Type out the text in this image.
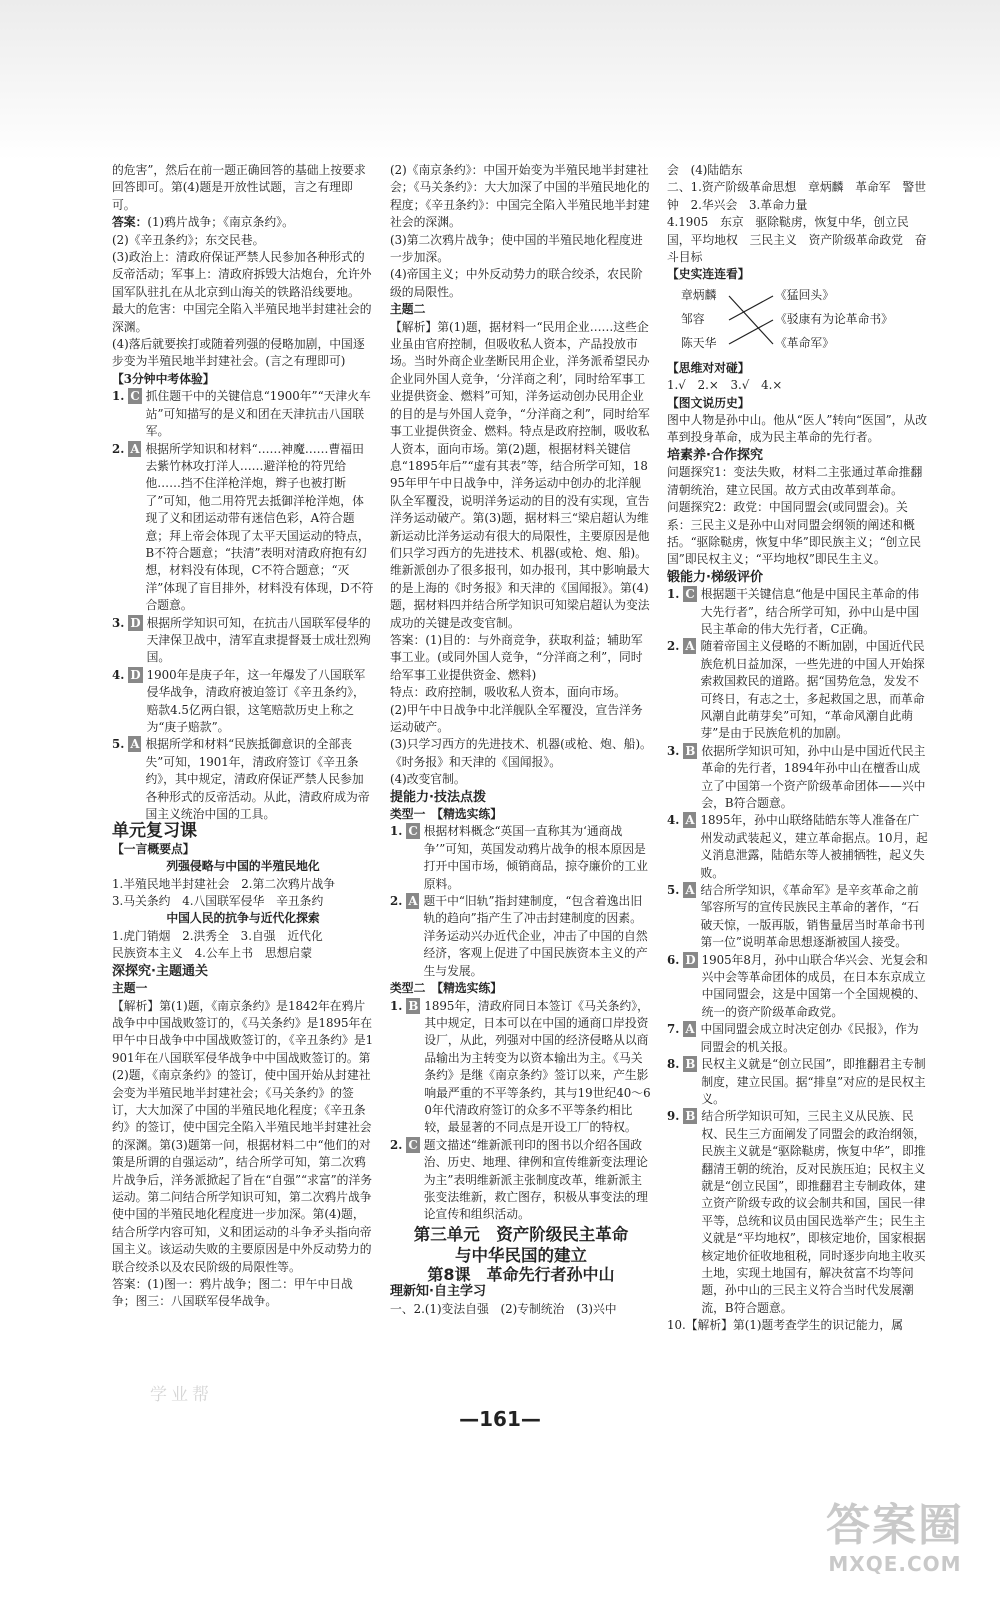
的危害”，然后在前一题正确回答的基础上按要求回答即可。第(4)题是开放性试题，言之有理即可。

答案：(1)鸦片战争；《南京条约》。

(2)《辛丑条约》；东交民巷。

(3)政治上：清政府保证严禁人民参加各种形式的反帝活动；军事上：清政府拆毁大沽炮台，允许外国军队驻扎在从北京到山海关的铁路沿线要地。

最大的危害：中国完全陷入半殖民地半封建社会的深渊。

(4)落后就要挨打或随着列强的侵略加剧，中国逐步变为半殖民地半封建社会。(言之有理即可)

【3分钟中考体验】

1. C 抓住题干中的关键信息“1900年”“天津火车站”可知描写的是义和团在天津抗击八国联军。
2. A 根据所学知识和材料“……神魔……曹福田去紫竹林攻打洋人……避洋枪的符咒给他……挡不住洋枪洋炮，辫子也被打断了”可知，他二用符咒去抵御洋枪洋炮，体现了义和团运动带有迷信色彩，A符合题意；拜上帝会体现了太平天国运动的特点，B不符合题意；“扶清”表明对清政府抱有幻想，材料没有体现，C不符合题意；“灭洋”体现了盲目排外，材料没有体现，D不符合题意。
3. D 根据所学知识可知，在抗击八国联军侵华的天津保卫战中，清军直隶提督聂士成壮烈殉国。
4. D 1900年是庚子年，这一年爆发了八国联军侵华战争，清政府被迫签订《辛丑条约》，赔款4.5亿两白银，这笔赔款历史上称之为“庚子赔款”。
5. A 根据所学和材料“民族抵御意识的全部丧失”可知，1901年，清政府签订《辛丑条约》，其中规定，清政府保证严禁人民参加各种形式的反帝活动。从此，清政府成为帝国主义统治中国的工具。

单元复习课

【一言概要点】

列强侵略与中国的半殖民地化

1.半殖民地半封建社会　2.第二次鸦片战争

3.马关条约　4.八国联军侵华　辛丑条约

中国人民的抗争与近代化探索

1.虎门销烟　2.洪秀全　3.自强　近代化

民族资本主义　4.公车上书　思想启蒙

深探究·主题通关

主题一

【解析】第(1)题，《南京条约》是1842年在鸦片战争中中国战败签订的，《马关条约》是1895年在甲午中日战争中中国战败签订的，《辛丑条约》是1901年在八国联军侵华战争中中国战败签订的。第(2)题，《南京条约》的签订，使中国开始从封建社会变为半殖民地半封建社会；《马关条约》的签订，大大加深了中国的半殖民地化程度；《辛丑条约》的签订，使中国完全陷入半殖民地半封建社会的深渊。第(3)题第一问，根据材料二中“他们的对策是所谓的自强运动”，结合所学可知，第二次鸦片战争后，洋务派掀起了旨在“自强”“求富”的洋务运动。第二问结合所学知识可知，第二次鸦片战争使中国的半殖民地化程度进一步加深。第(4)题，结合所学内容可知，义和团运动的斗争矛头指向帝国主义。该运动失败的主要原因是中外反动势力的联合绞杀以及农民阶级的局限性等。

答案：(1)图一：鸦片战争；图二：甲午中日战争；图三：八国联军侵华战争。

(2)《南京条约》：中国开始变为半殖民地半封建社会；《马关条约》：大大加深了中国的半殖民地化的程度；《辛丑条约》：中国完全陷入半殖民地半封建社会的深渊。

(3)第二次鸦片战争；使中国的半殖民地化程度进一步加深。

(4)帝国主义；中外反动势力的联合绞杀，农民阶级的局限性。

主题二

【解析】第(1)题，据材料一“民用企业……这些企业虽由官府控制，但吸收私人资本，产品投放市场。当时外商企业垄断民用企业，洋务派希望民办企业同外国人竞争，‘分洋商之利’，同时给军事工业提供资金、燃料”可知，洋务运动创办民用企业的目的是与外国人竞争，“分洋商之利”，同时给军事工业提供资金、燃料。特点是政府控制，吸收私人资本，面向市场。第(2)题，根据材料关键信息“1895年后”“虚有其表”等，结合所学可知，1895年甲午中日战争中，洋务运动中创办的北洋舰队全军覆没，说明洋务运动的目的没有实现，宣告洋务运动破产。第(3)题，据材料三“梁启超认为维新运动比洋务运动有很大的局限性，主要原因是他们只学习西方的先进技术、机器(或枪、炮、船)。维新派创办了很多报刊，如办报刊，其中影响最大的是上海的《时务报》和天津的《国闻报》。第(4)题，据材料四并结合所学知识可知梁启超认为变法成功的关键是改变官制。

答案：(1)目的：与外商竞争，获取利益；辅助军事工业。(或同外国人竞争，“分洋商之利”，同时给军事工业提供资金、燃料)

特点：政府控制，吸收私人资本，面向市场。

(2)甲午中日战争中北洋舰队全军覆没，宣告洋务运动破产。

(3)只学习西方的先进技术、机器(或枪、炮、船)。《时务报》和天津的《国闻报》。

(4)改变官制。

提能力·技法点拨

类型一　【精选实练】

1. C 根据材料概念“英国一直称其为‘通商战争’”可知，英国发动鸦片战争的根本原因是打开中国市场，倾销商品，掠夺廉价的工业原料。
2. A 题干中“旧轨”指封建制度，“包含着逸出旧轨的趋向”指产生了冲击封建制度的因素。洋务运动兴办近代企业，冲击了中国的自然经济，客观上促进了中国民族资本主义的产生与发展。

类型二　【精选实练】

1. B 1895年，清政府同日本签订《马关条约》，其中规定，日本可以在中国的通商口岸投资设厂，从此，列强对中国的经济侵略从以商品输出为主转变为以资本输出为主。《马关条约》是继《南京条约》签订以来，产生影响最严重的不平等条约，其与19世纪40～60年代清政府签订的众多不平等条约相比较，最显著的不同点是开设工厂的特权。
2. C 题文描述“维新派刊印的图书以介绍各国政治、历史、地理、律例和宣传维新变法理论为主”表明维新派主张制度改革，维新派主张变法维新，救亡图存，积极从事变法的理论宣传和组织活动。

第三单元　资产阶级民主革命
与中华民国的建立

第8课　革命先行者孙中山

理新知·自主学习

一、2.(1)变法自强　(2)专制统治　(3)兴中

会　(4)陆皓东

二、1.资产阶级革命思想　章炳麟　革命军　警世钟　2.华兴会　3.革命力量

4.1905　东京　驱除鞑虏，恢复中华，创立民国，平均地权　三民主义　资产阶级革命政党　奋斗目标

【史实连连看】

章炳麟
邹容
陈天华
《猛回头》
《驳康有为论革命书》
《革命军》

【思维对对碰】

1.√　2.×　3.√　4.×

【图文说历史】

图中人物是孙中山。他从“医人”转向“医国”，从改革到投身革命，成为民主革命的先行者。

培素养·合作探究

问题探究1：变法失败，材料二主张通过革命推翻清朝统治，建立民国。故方式由改革到革命。

问题探究2：政党：中国同盟会(或同盟会)。关系：三民主义是孙中山对同盟会纲领的阐述和概括。“驱除鞑虏，恢复中华”即民族主义；“创立民国”即民权主义；“平均地权”即民生主义。

锻能力·梯级评价

1. C 根据题干关键信息“他是中国民主革命的伟大先行者”，结合所学可知，孙中山是中国民主革命的伟大先行者，C正确。
2. A 随着帝国主义侵略的不断加剧，中国近代民族危机日益加深，一些先进的中国人开始探索救国救民的道路。据“国势危急，发发不可终日，有志之士，多起救国之思，而革命风潮自此萌芽矣”可知，“革命风潮自此萌芽”是由于民族危机的加剧。
3. B 依据所学知识可知，孙中山是中国近代民主革命的先行者，1894年孙中山在檀香山成立了中国第一个资产阶级革命团体——兴中会，B符合题意。
4. A 1895年，孙中山联络陆皓东等人准备在广州发动武装起义，建立革命据点。10月，起义消息泄露，陆皓东等人被捕牺牲，起义失败。
5. A 结合所学知识，《革命军》是辛亥革命之前邹容所写的宣传民族民主革命的著作，“石破天惊，一版再版，销售量居当时革命书刊第一位”说明革命思想逐渐被国人接受。
6. D 1905年8月，孙中山联合华兴会、光复会和兴中会等革命团体的成员，在日本东京成立中国同盟会，这是中国第一个全国规模的、统一的资产阶级革命政党。
7. A 中国同盟会成立时决定创办《民报》，作为同盟会的机关报。
8. B 民权主义就是“创立民国”，即推翻君主专制制度，建立民国。据“排皇”对应的是民权主义。
9. B 结合所学知识可知，三民主义从民族、民权、民生三方面阐发了同盟会的政治纲领，民族主义就是“驱除鞑虏，恢复中华”，即推翻清王朝的统治，反对民族压迫；民权主义就是“创立民国”，即推翻君主专制政体，建立资产阶级专政的议会制共和国，国民一律平等，总统和议员由国民选举产生；民生主义就是“平均地权”，即核定地价，国家根据核定地价征收地租税，同时逐步向地主收买土地，实现土地国有，解决贫富不均等问题，孙中山的三民主义符合当时代发展潮流，B符合题意。

10.【解析】第(1)题考查学生的识记能力，属

—161—
学业帮
答案圈
MXQE.COM
